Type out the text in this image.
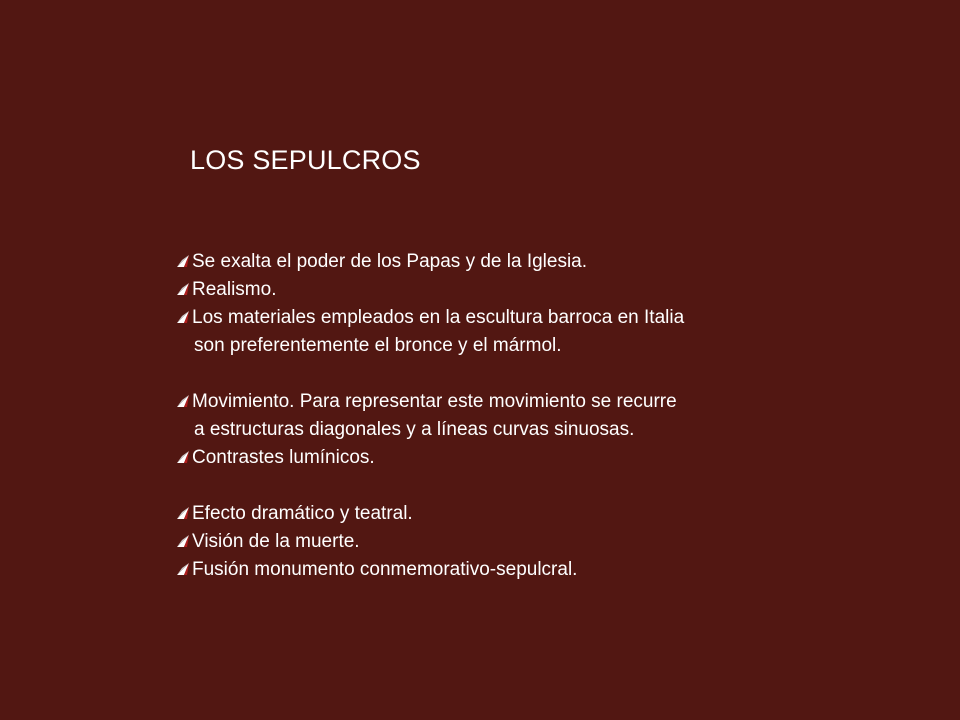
LOS SEPULCROS
Se exalta el poder de los Papas y de la Iglesia.
Realismo.
Los materiales empleados en la escultura barroca en Italia
son preferentemente el bronce y el mármol.
Movimiento. Para representar este movimiento se recurre
a estructuras diagonales y a líneas curvas sinuosas.
Contrastes lumínicos.
Efecto dramático y teatral.
Visión de la muerte.
Fusión monumento conmemorativo-sepulcral.
